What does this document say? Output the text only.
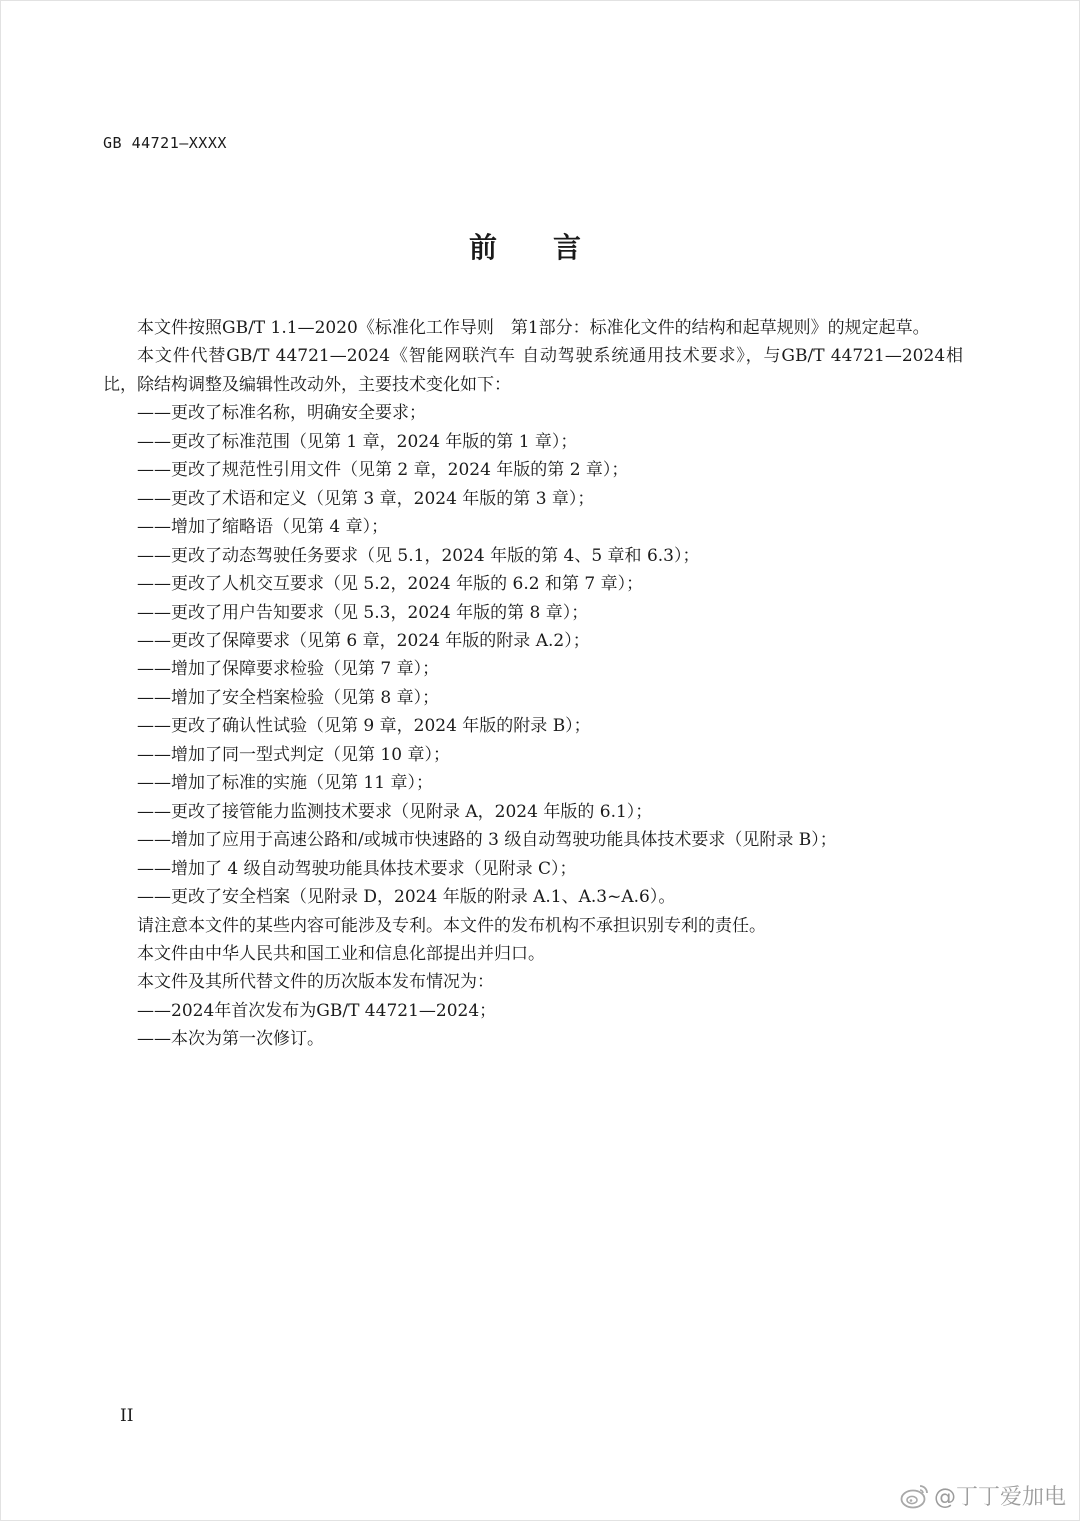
GB 44721—XXXX
前言

本文件按照GB/T 1.1—2020《标准化工作导则　第1部分：标准化文件的结构和起草规则》的规定起草。

本文件代替GB/T 44721—2024《智能网联汽车 自动驾驶系统通用技术要求》，与GB/T 44721—2024相比，除结构调整及编辑性改动外，主要技术变化如下：

——更改了标准名称，明确安全要求；
——更改了标准范围（见第 1 章，2024 年版的第 1 章）；
——更改了规范性引用文件（见第 2 章，2024 年版的第 2 章）；
——更改了术语和定义（见第 3 章，2024 年版的第 3 章）；
——增加了缩略语（见第 4 章）；
——更改了动态驾驶任务要求（见 5.1，2024 年版的第 4、5 章和 6.3）；
——更改了人机交互要求（见 5.2，2024 年版的 6.2 和第 7 章）；
——更改了用户告知要求（见 5.3，2024 年版的第 8 章）；
——更改了保障要求（见第 6 章，2024 年版的附录 A.2）；
——增加了保障要求检验（见第 7 章）；
——增加了安全档案检验（见第 8 章）；
——更改了确认性试验（见第 9 章，2024 年版的附录 B）；
——增加了同一型式判定（见第 10 章）；
——增加了标准的实施（见第 11 章）；
——更改了接管能力监测技术要求（见附录 A，2024 年版的 6.1）；
——增加了应用于高速公路和/或城市快速路的 3 级自动驾驶功能具体技术要求（见附录 B）；
——增加了 4 级自动驾驶功能具体技术要求（见附录 C）；
——更改了安全档案（见附录 D，2024 年版的附录 A.1、A.3~A.6）。

请注意本文件的某些内容可能涉及专利。本文件的发布机构不承担识别专利的责任。

本文件由中华人民共和国工业和信息化部提出并归口。

本文件及其所代替文件的历次版本发布情况为：

——2024年首次发布为GB/T 44721—2024；
——本次为第一次修订。
II
@丁丁爱加电
